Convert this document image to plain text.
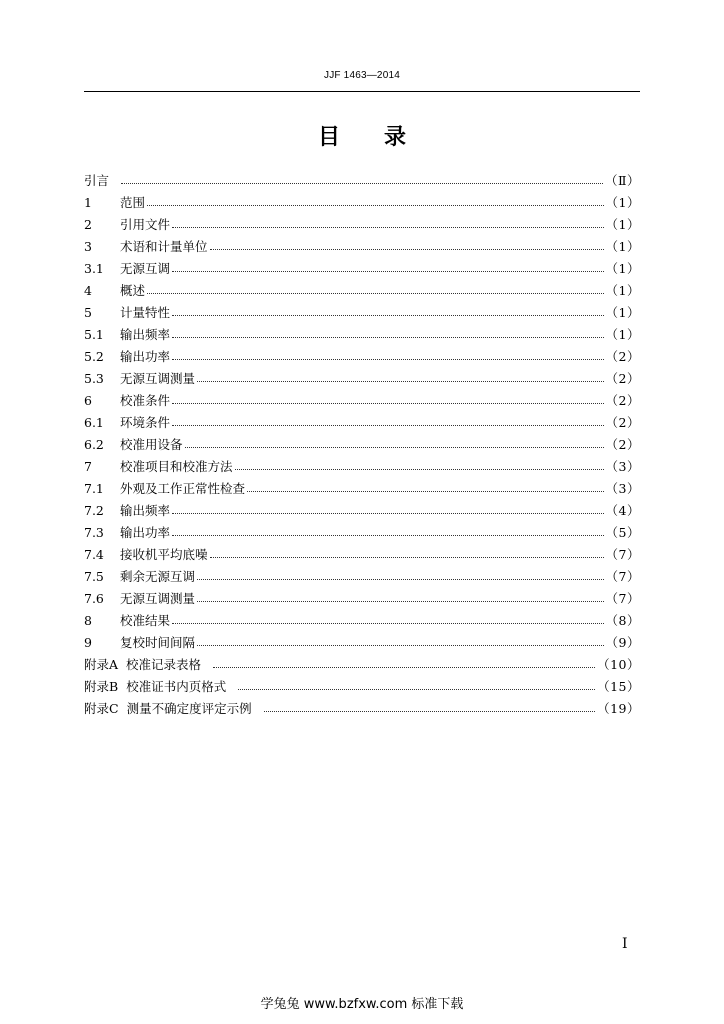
JJF 1463—2014
目录
引言	（Ⅱ）
1	范围	（1）
2	引用文件	（1）
3	术语和计量单位	（1）
3.1	无源互调	（1）
4	概述	（1）
5	计量特性	（1）
5.1	输出频率	（1）
5.2	输出功率	（2）
5.3	无源互调测量	（2）
6	校准条件	（2）
6.1	环境条件	（2）
6.2	校准用设备	（2）
7	校准项目和校准方法	（3）
7.1	外观及工作正常性检查	（3）
7.2	输出频率	（4）
7.3	输出功率	（5）
7.4	接收机平均底噪	（7）
7.5	剩余无源互调	（7）
7.6	无源互调测量	（7）
8	校准结果	（8）
9	复校时间间隔	（9）
附录A 校准记录表格	（10）
附录B 校准证书内页格式	（15）
附录C 测量不确定度评定示例	（19）
I
学兔兔 www.bzfxw.com 标准下载
